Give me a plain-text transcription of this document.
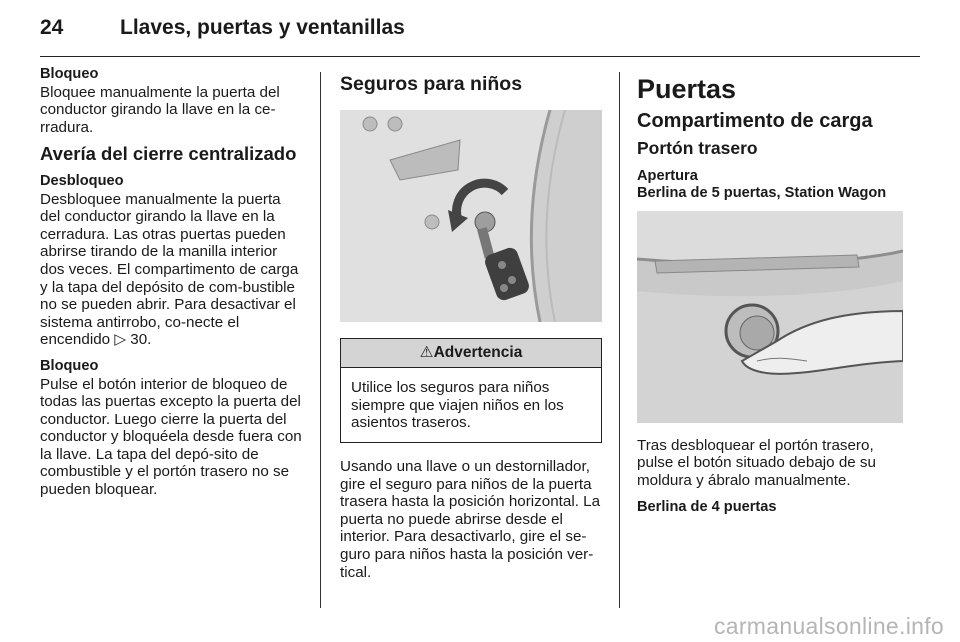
24	Llaves, puertas y ventanillas
Bloqueo

Bloquee manualmente la puerta del conductor girando la llave en la ce-rradura.

Avería del cierre centralizado
Desbloqueo

Desbloquee manualmente la puerta del conductor girando la llave en la cerradura. Las otras puertas pueden abrirse tirando de la manilla interior dos veces. El compartimento de carga y la tapa del depósito de com-bustible no se pueden abrir. Para desactivar el sistema antirrobo, co-necte el encendido ▷ 30.

Bloqueo

Pulse el botón interior de bloqueo de todas las puertas excepto la puerta del conductor. Luego cierre la puerta del conductor y bloquéela desde fuera con la llave. La tapa del depó-sito de combustible y el portón trasero no se pueden bloquear.

Seguros para niños
⚠Advertencia
Utilice los seguros para niños siempre que viajen niños en los asientos traseros.

Usando una llave o un destornillador, gire el seguro para niños de la puerta trasera hasta la posición horizontal. La puerta no puede abrirse desde el interior. Para desactivarlo, gire el se-guro para niños hasta la posición ver-tical.

Puertas
Compartimento de carga
Portón trasero
Apertura
Berlina de 5 puertas, Station Wagon

Tras desbloquear el portón trasero, pulse el botón situado debajo de su moldura y ábralo manualmente.

Berlina de 4 puertas
carmanualsonline.info
